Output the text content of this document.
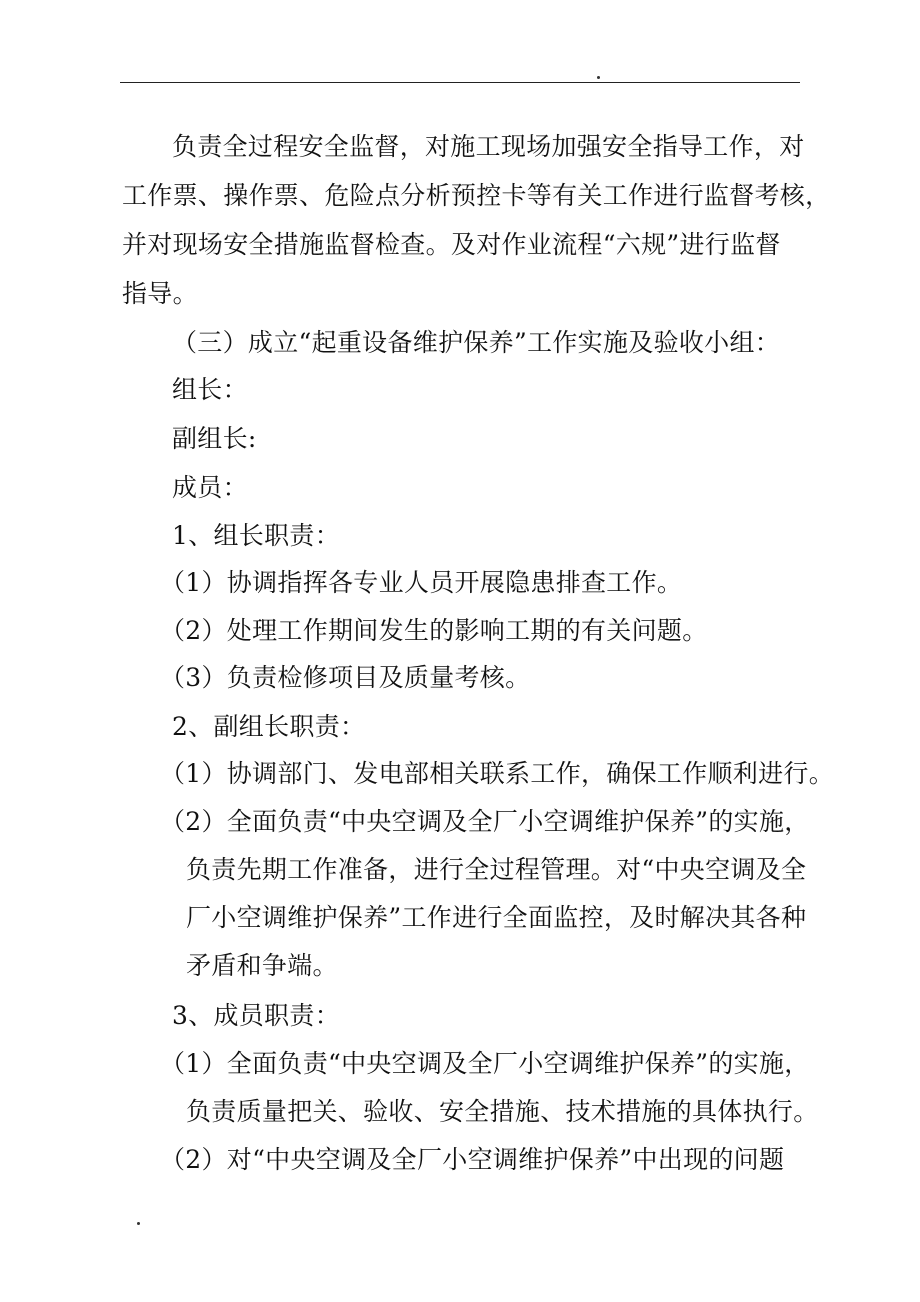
负责全过程安全监督，对施工现场加强安全指导工作，对
工作票、操作票、危险点分析预控卡等有关工作进行监督考核，
并对现场安全措施监督检查。及对作业流程“六规”进行监督
指导。
（三）成立“起重设备维护保养”工作实施及验收小组：
组长：
副组长:
成员：
1、组长职责：
（1）协调指挥各专业人员开展隐患排查工作。
（2）处理工作期间发生的影响工期的有关问题。
（3）负责检修项目及质量考核。
2、副组长职责：
（1）协调部门、发电部相关联系工作，确保工作顺利进行。
（2）全面负责“中央空调及全厂小空调维护保养”的实施，
负责先期工作准备，进行全过程管理。对“中央空调及全
厂小空调维护保养”工作进行全面监控，及时解决其各种
矛盾和争端。
3、成员职责：
（1）全面负责“中央空调及全厂小空调维护保养”的实施，
负责质量把关、验收、安全措施、技术措施的具体执行。
（2）对“中央空调及全厂小空调维护保养”中出现的问题
